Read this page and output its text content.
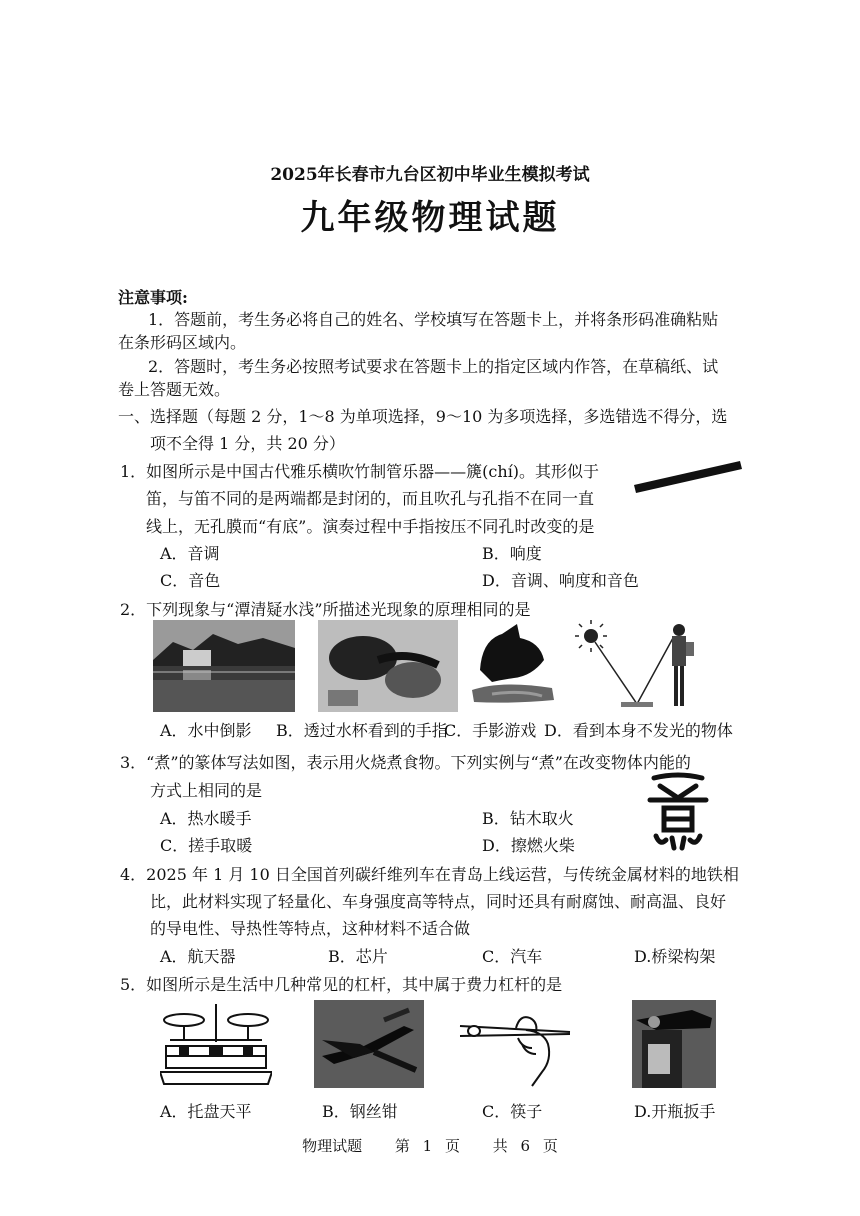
2025年长春市九台区初中毕业生模拟考试
九年级物理试题
注意事项:
1．答题前，考生务必将自己的姓名、学校填写在答题卡上，并将条形码准确粘贴
在条形码区域内。
2．答题时，考生务必按照考试要求在答题卡上的指定区域内作答，在草稿纸、试
卷上答题无效。
一、选择题（每题 2 分，1～8 为单项选择，9～10 为多项选择，多选错选不得分，选
项不全得 1 分，共 20 分）
1．如图所示是中国古代雅乐横吹竹制管乐器——篪(chí)。其形似于
笛，与笛不同的是两端都是封闭的，而且吹孔与孔指不在同一直
线上，无孔膜而“有底”。演奏过程中手指按压不同孔时改变的是
A．音调	B．响度
C．音色	D．音调、响度和音色
2．下列现象与“潭清疑水浅”所描述光现象的原理相同的是
A．水中倒影 B．透过水杯看到的手指
C．手影游戏 D．看到本身不发光的物体
3．“煮”的篆体写法如图，表示用火烧煮食物。下列实例与“煮”在改变物体内能的
方式上相同的是
A．热水暖手	B．钻木取火
C．搓手取暖	D．擦燃火柴
4．2025 年 1 月 10 日全国首列碳纤维列车在青岛上线运营，与传统金属材料的地铁相
比，此材料实现了轻量化、车身强度高等特点，同时还具有耐腐蚀、耐高温、良好
的导电性、导热性等特点，这种材料不适合做
A．航天器	B．芯片	C．汽车	D.桥梁构架
5．如图所示是生活中几种常见的杠杆，其中属于费力杠杆的是
A．托盘天平	B．钢丝钳	C．筷子	D.开瓶扳手
物理试题 第 1 页 共 6 页
